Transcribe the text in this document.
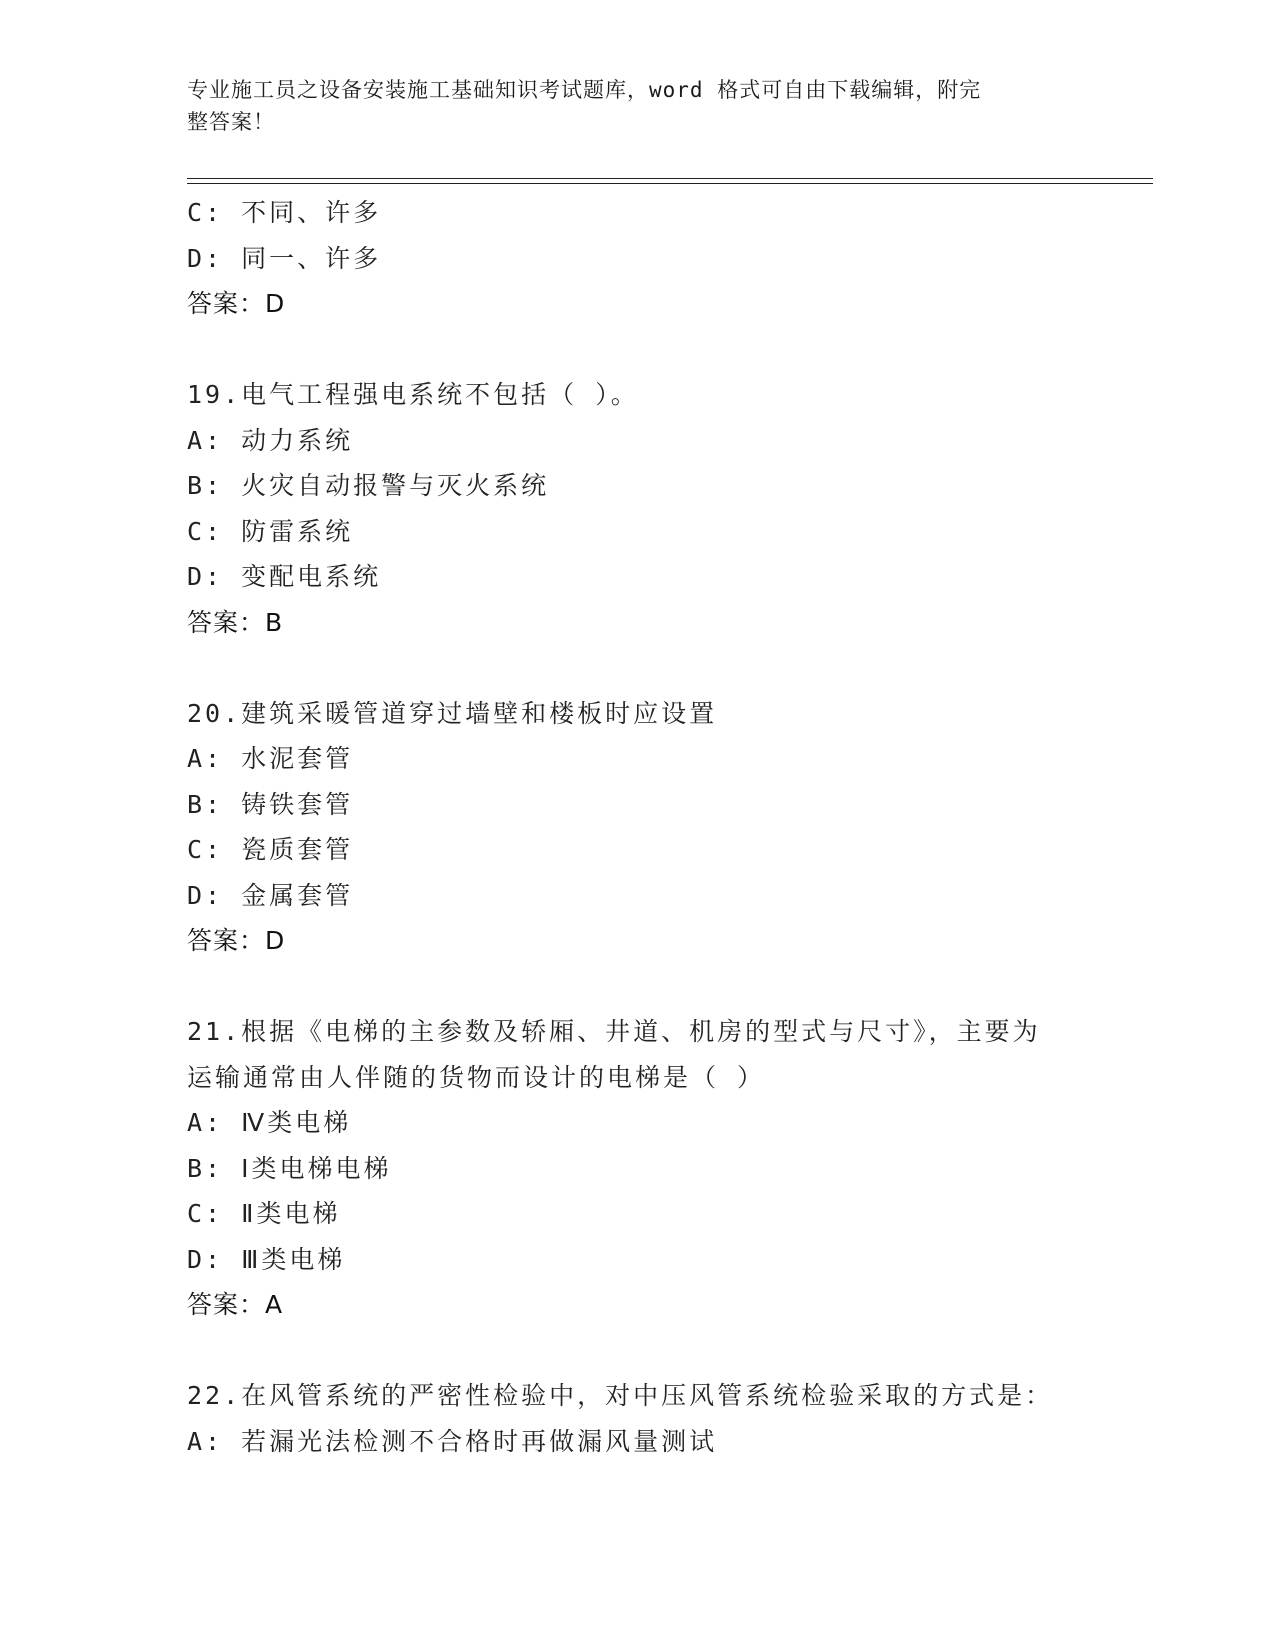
专业施工员之设备安装施工基础知识考试题库，word 格式可自由下载编辑，附完
整答案！
C: 不同、许多
D: 同一、许多
答案：D
19.电气工程强电系统不包括（ ）。
A: 动力系统
B: 火灾自动报警与灭火系统
C: 防雷系统
D: 变配电系统
答案：B
20.建筑采暖管道穿过墙壁和楼板时应设置
A: 水泥套管
B: 铸铁套管
C: 瓷质套管
D: 金属套管
答案：D
21.根据《电梯的主参数及轿厢、井道、机房的型式与尺寸》，主要为
运输通常由人伴随的货物而设计的电梯是（ ）
A: Ⅳ类电梯
B: Ⅰ类电梯电梯
C: Ⅱ类电梯
D: Ⅲ类电梯
答案：A
22.在风管系统的严密性检验中，对中压风管系统检验采取的方式是：
A: 若漏光法检测不合格时再做漏风量测试
